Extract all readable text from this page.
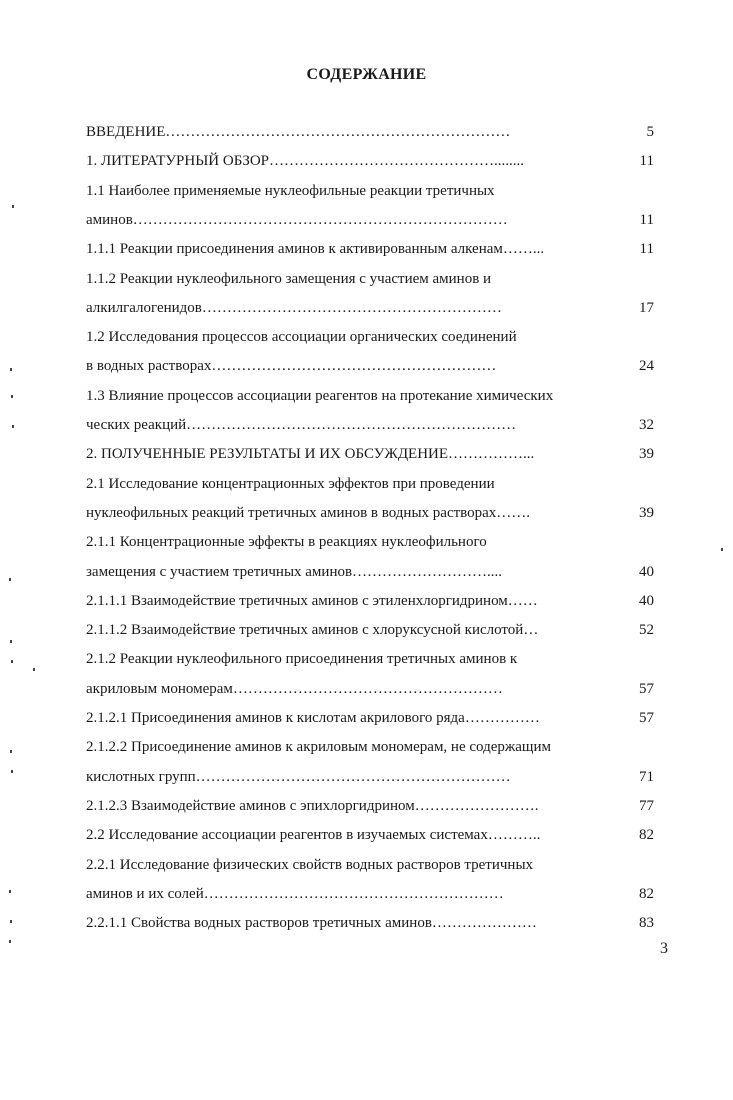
СОДЕРЖАНИЕ
ВВЕДЕНИЕ……………………………………………………………	5
1. ЛИТЕРАТУРНЫЙ ОБЗОР………………………………………........	11
1.1 Наиболее применяемые нуклеофильные реакции третичных
аминов…………………………………………………………………	11
1.1.1 Реакции присоединения аминов к активированным алкенам……...	11
1.1.2 Реакции нуклеофильного замещения с участием аминов и
алкилгалогенидов……………………………………………………	17
1.2 Исследования процессов ассоциации органических соединений
в водных растворах…………………………………………………	24
1.3 Влияние процессов ассоциации реагентов на протекание химических
ческих реакций…………………………………………………………	32
2. ПОЛУЧЕННЫЕ РЕЗУЛЬТАТЫ И ИХ ОБСУЖДЕНИЕ……………...	39
2.1 Исследование концентрационных эффектов при проведении
нуклеофильных реакций третичных аминов в водных растворах…….	39
2.1.1 Концентрационные эффекты в реакциях нуклеофильного
замещения с участием третичных аминов………………………....	40
2.1.1.1 Взаимодействие третичных аминов с этиленхлоргидрином……	40
2.1.1.2 Взаимодействие третичных аминов с хлоруксусной кислотой…	52
2.1.2 Реакции нуклеофильного присоединения третичных аминов к
акриловым мономерам………………………………………………	57
2.1.2.1 Присоединения аминов к кислотам акрилового ряда……………	57
2.1.2.2 Присоединение аминов к акриловым мономерам, не содержащим
кислотных групп………………………………………………………	71
2.1.2.3 Взаимодействие аминов с эпихлоргидрином…………………….	77
2.2 Исследование ассоциации реагентов в изучаемых системах………..	82
2.2.1 Исследование физических свойств водных растворов третичных
аминов и их солей……………………………………………………	82
2.2.1.1 Свойства водных растворов третичных аминов…………………	83
3
